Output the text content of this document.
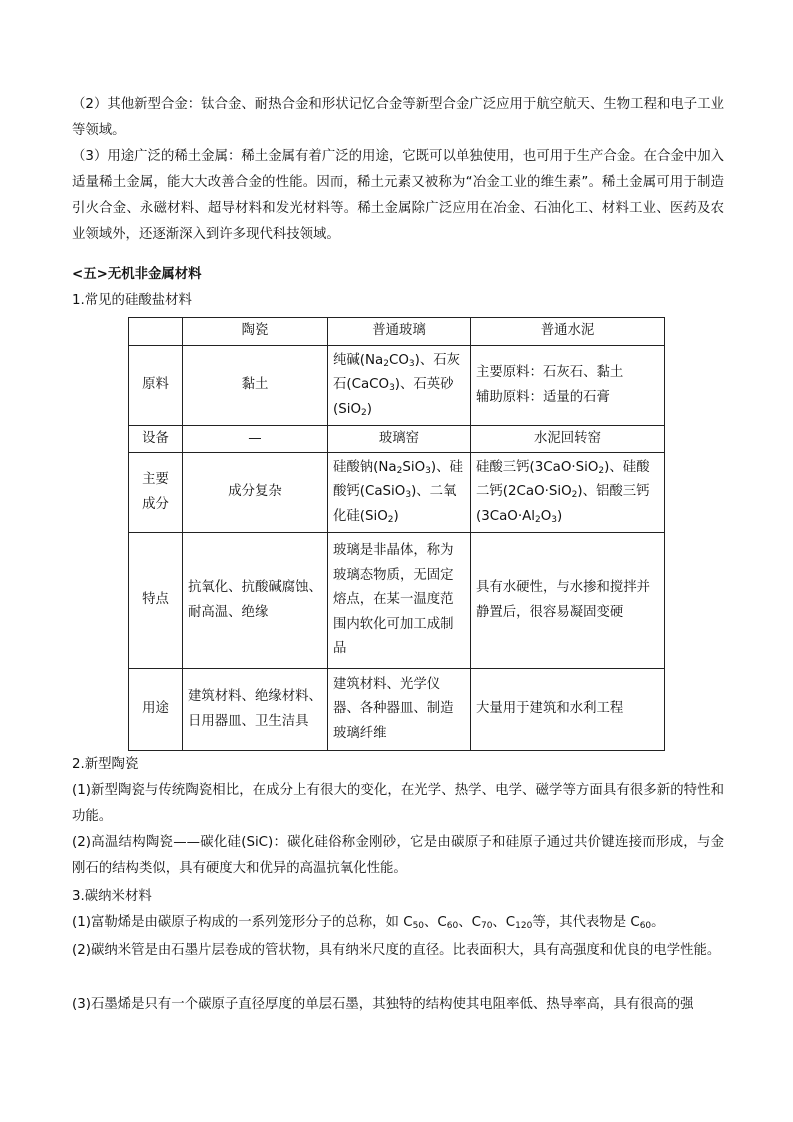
（2）其他新型合金：钛合金、耐热合金和形状记忆合金等新型合金广泛应用于航空航天、生物工程和电子工业等领域。
（3）用途广泛的稀土金属：稀土金属有着广泛的用途，它既可以单独使用，也可用于生产合金。在合金中加入适量稀土金属，能大大改善合金的性能。因而，稀土元素又被称为“冶金工业的维生素”。稀土金属可用于制造引火合金、永磁材料、超导材料和发光材料等。稀土金属除广泛应用在冶金、石油化工、材料工业、医药及农业领域外，还逐渐深入到许多现代科技领域。
<五>无机非金属材料
1.常见的硅酸盐材料
	陶瓷	普通玻璃	普通水泥
原料	黏土	纯碱$(Na_2CO_3)$、石灰石(CaCO$_3$)、石英砂(SiO$_2$)	主要原料：石灰石、黏土
辅助原料：适量的石膏

设备	—	玻璃窑	水泥回转窑

主要
成分	成分复杂	硅酸钠$(Na_2SiO_3)$、硅酸钙(CaSiO$_3$)、二氧化硅(SiO$_2$)	硅酸三钙(3CaO·SiO$_2$)、硅酸二钙(2CaO·SiO$_2$)、铝酸三钙$(3CaO\cdot Al_2O_3)$
特点	抗氧化、抗酸碱腐蚀、耐高温、绝缘	玻璃是非晶体，称为玻璃态物质，无固定熔点，在某一温度范围内软化可加工成制品	具有水硬性，与水掺和搅拌并静置后，很容易凝固变硬
用途	建筑材料、绝缘材料、日用器皿、卫生洁具	建筑材料、光学仪器、各种器皿、制造玻璃纤维	大量用于建筑和水利工程
2.新型陶瓷
(1)新型陶瓷与传统陶瓷相比，在成分上有很大的变化，在光学、热学、电学、磁学等方面具有很多新的特性和功能。
(2)高温结构陶瓷——碳化硅(SiC)：碳化硅俗称金刚砂，它是由碳原子和硅原子通过共价键连接而形成，与金刚石的结构类似，具有硬度大和优异的高温抗氧化性能。
3.碳纳米材料
(1)富勒烯是由碳原子构成的一系列笼形分子的总称，如 $C_{50}$、$C_{60}$、$C_{70}$、$C_{120}$等，其代表物是 $C_{60}$。
(2)碳纳米管是由石墨片层卷成的管状物，具有纳米尺度的直径。比表面积大，具有高强度和优良的电学性能。
(3)石墨烯是只有一个碳原子直径厚度的单层石墨，其独特的结构使其电阻率低、热导率高，具有很高的强
